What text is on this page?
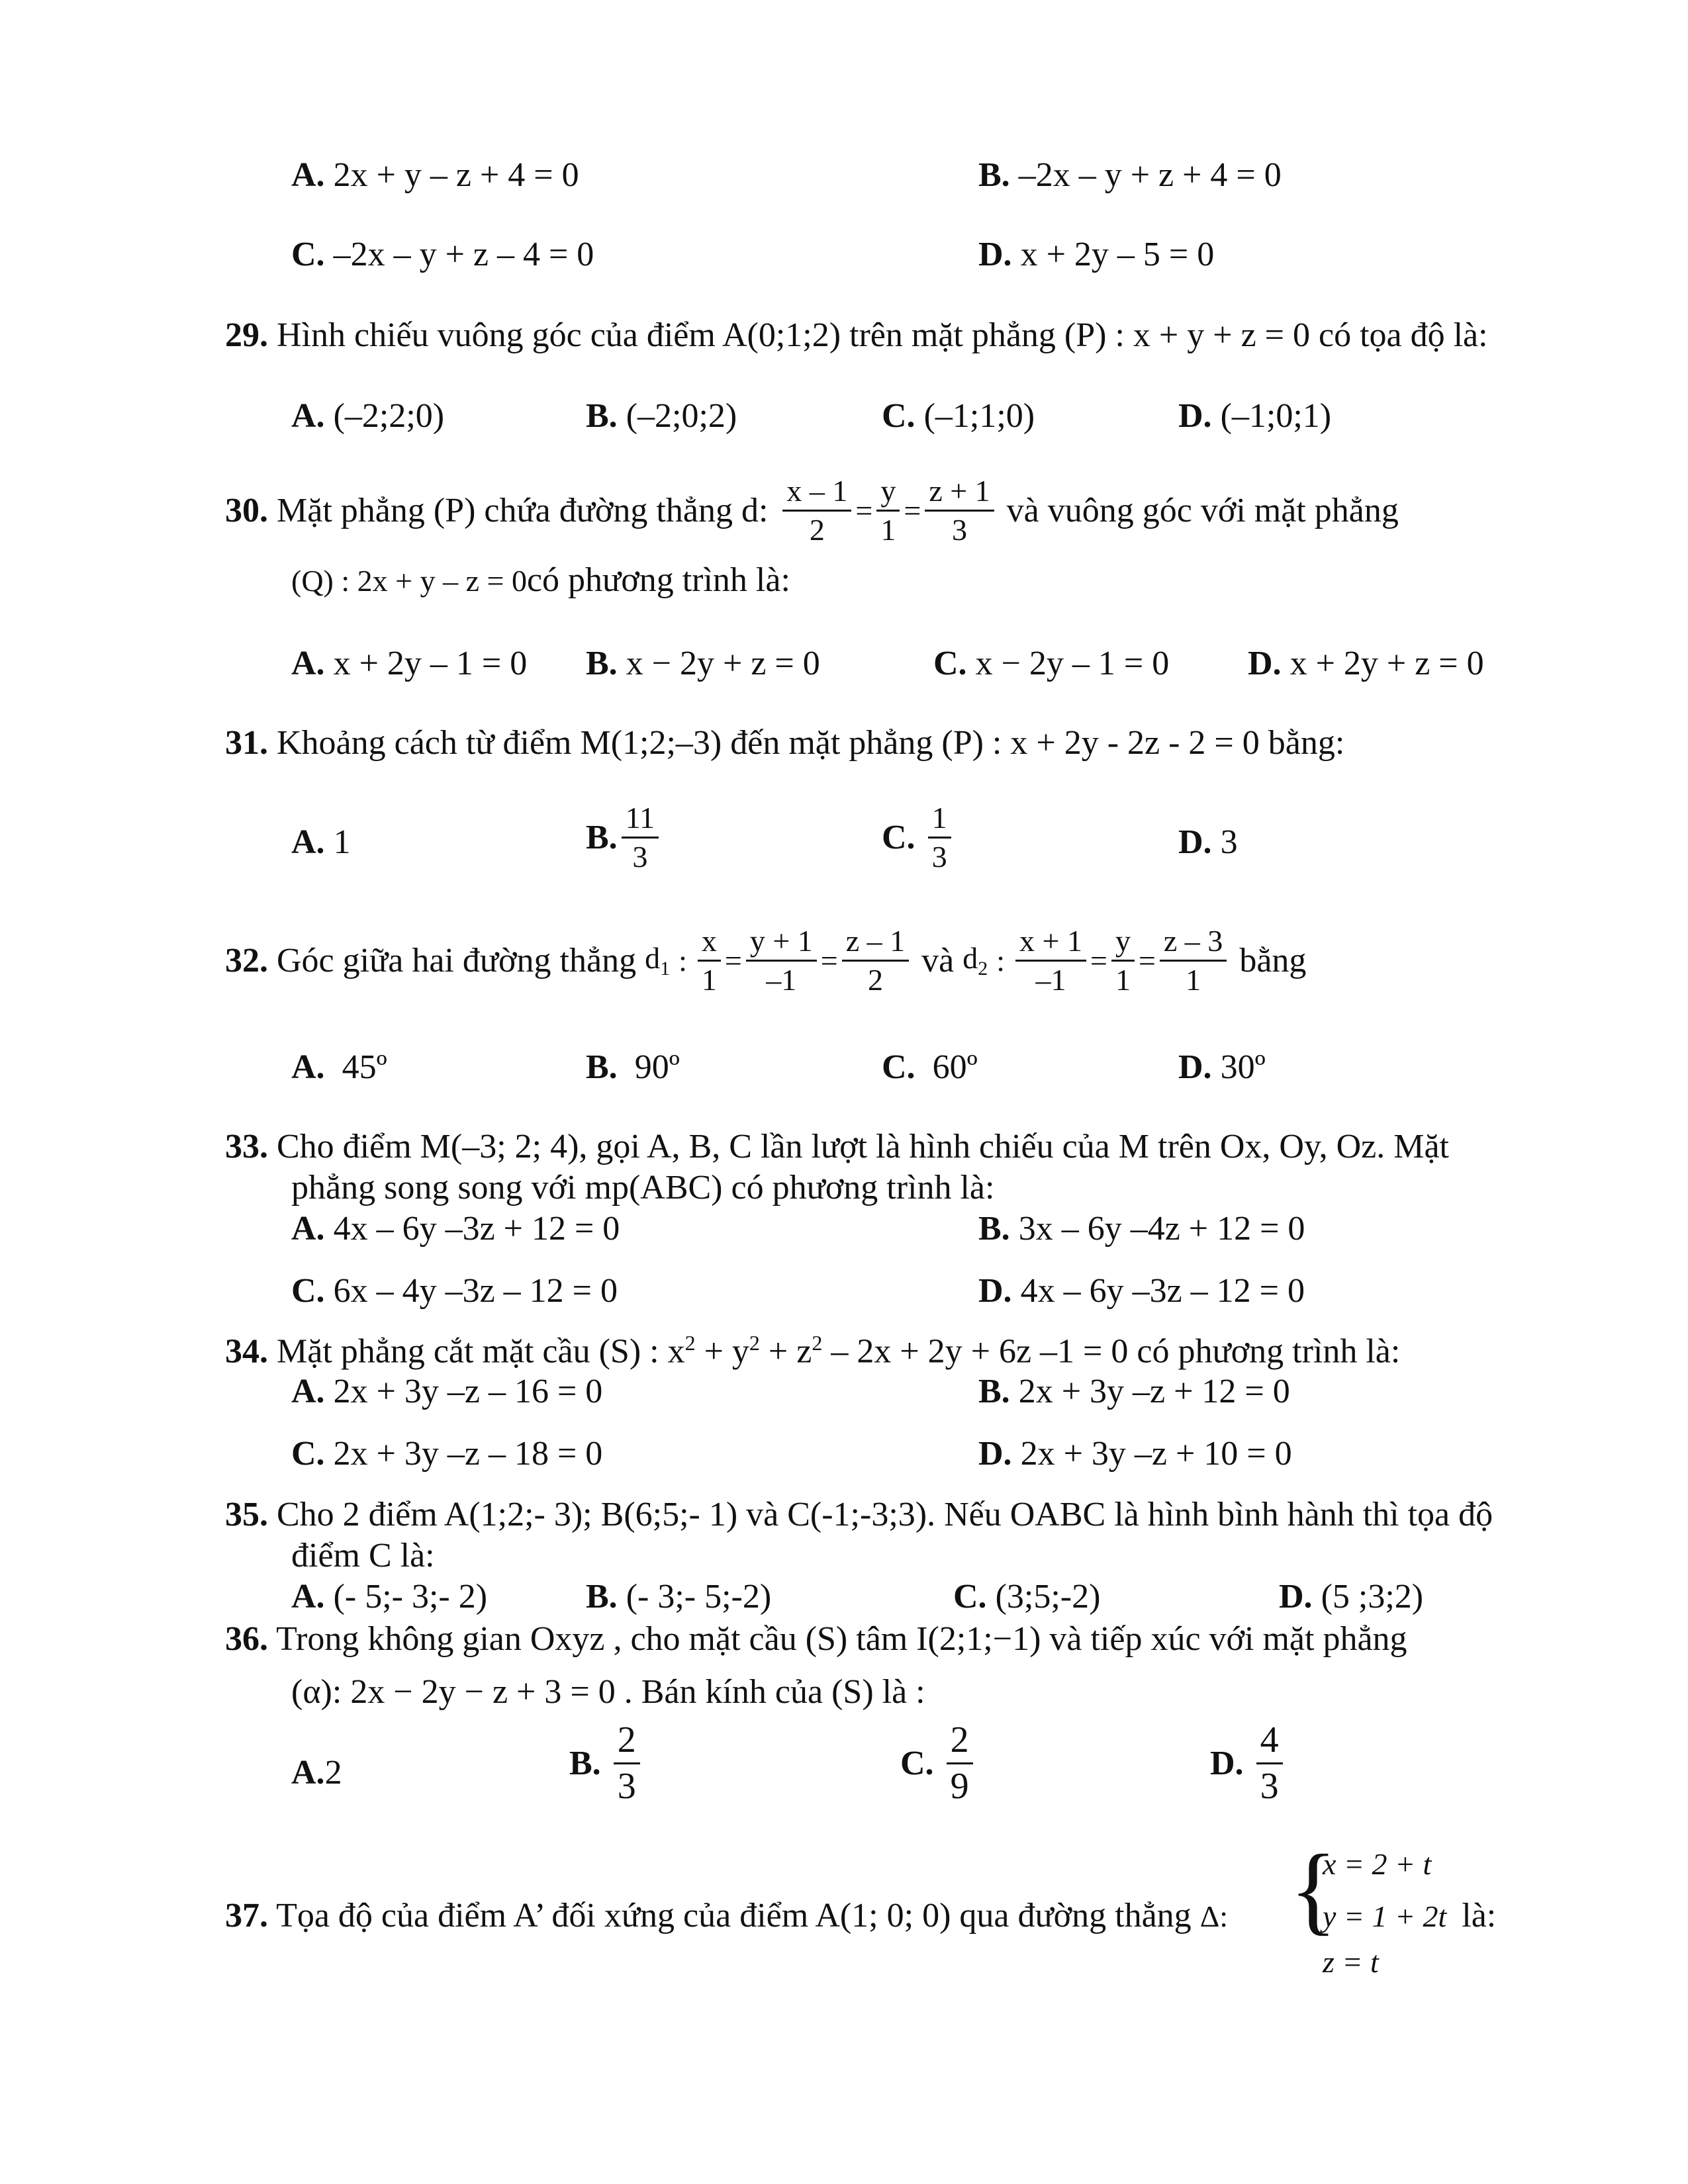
A. 2x + y – z + 4 = 0	B. –2x – y + z + 4 = 0
C. –2x – y + z – 4 = 0	D. x + 2y – 5 = 0
29. Hình chiếu vuông góc của điểm A(0;1;2) trên mặt phẳng (P) : x + y + z = 0 có tọa độ là:
A. (–2;2;0)	B. (–2;0;2)	C. (–1;1;0)	D. (–1;0;1)
30.
Mặt phẳng (P) chứa đường thẳng d: $\frac{x - 1}{2} = \frac{y}{1} = \frac{z + 1}{3}$
và vuông góc với mặt phẳng
(Q) : 2x + y – z = 0có phương trình là:
A. x + 2y – 1 = 0 B. x − 2y + z = 0	C. x − 2y – 1 = 0 D. x + 2y + z = 0
31. Khoảng cách từ điểm M(1;2;–3) đến mặt phẳng (P) : x + 2y - 2z - 2 = 0 bằng:
A. 1	B. $\frac{11}{3}$	C.
$\frac{1}{3}$	D. 3
32.
Góc giữa hai đường thẳng
$d_1$
: $\frac{x}{1} = \frac{y + 1}{-1} = \frac{z - 1}{2}$
và
$d_2$
: $\frac{x + 1}{-1} = \frac{y}{1} = \frac{z - 3}{1}$
bằng
A. 45º	B. 90º	C. 60º	D. 30º
33. Cho điểm M(–3; 2; 4), gọi A, B, C lần lượt là hình chiếu của M trên Ox, Oy, Oz. Mặt
phẳng song song với mp(ABC) có phương trình là:
A. 4x – 6y –3z + 12 = 0	B. 3x – 6y –4z + 12 = 0
C. 6x – 4y –3z – 12 = 0	D. 4x – 6y –3z – 12 = 0
34. Mặt phẳng cắt mặt cầu (S) : $x^2 + y^2 + z^2 - 2x + 2y + 6z$ –1 = 0 có phương trình là:
A. 2x + 3y –z – 16 = 0	B. 2x + 3y –z + 12 = 0
C. 2x + 3y –z – 18 = 0	D. 2x + 3y –z + 10 = 0
35. Cho 2 điểm A(1;2;- 3); B(6;5;- 1) và C(-1;-3;3). Nếu OABC là hình bình hành thì tọa độ
điểm C là:
A. (- 5;- 3;- 2)	B. (- 3;- 5;-2)	C. (3;5;-2)	D. (5 ;3;2)
36. Trong không gian Oxyz , cho mặt cầu (S) tâm I(2;1;−1) và tiếp xúc với mặt phẳng
(α): 2x − 2y − z + 3 = 0 . Bán kính của (S) là :
A.2	B.
$\frac{2}{3}$	C.
$\frac{2}{9}$	D.
$\frac{4}{3}$
37. Tọa độ của điểm A’ đối xứng của điểm A(1; 0; 0) qua đường thẳng Δ: {
x = 2 + t
y = 1 + 2t là:
z = t
